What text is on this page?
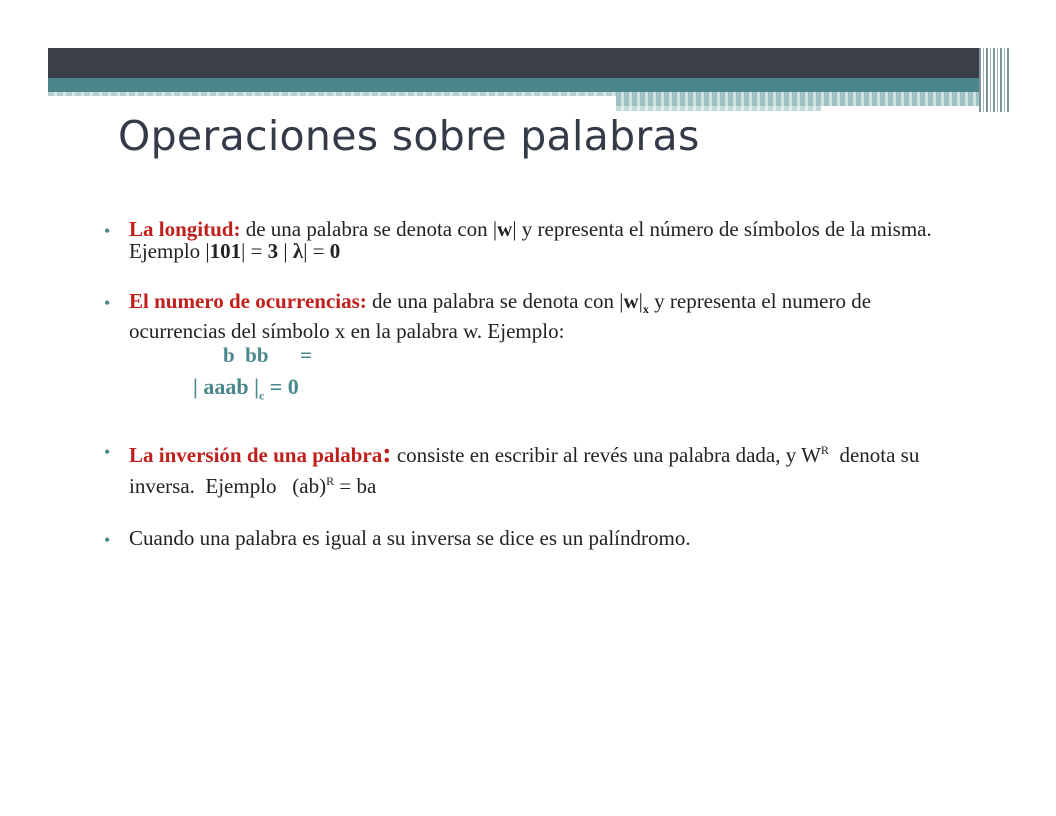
Operaciones sobre palabras
• La longitud: de una palabra se denota con |w| y representa el número de símbolos de la misma. Ejemplo |101| = 3 | λ| = 0
• El numero de ocurrencias: de una palabra se denota con $|w|_x$ y representa el numero de ocurrencias del símbolo x en la palabra w. Ejemplo:
b  bb      =
| aaab $|_c = 0$
• La inversión de una palabra: consiste en escribir al revés una palabra dada, y $W^R$  denota su inversa.  Ejemplo   (ab)$^R$ = ba
• Cuando una palabra es igual a su inversa se dice es un palíndromo.
